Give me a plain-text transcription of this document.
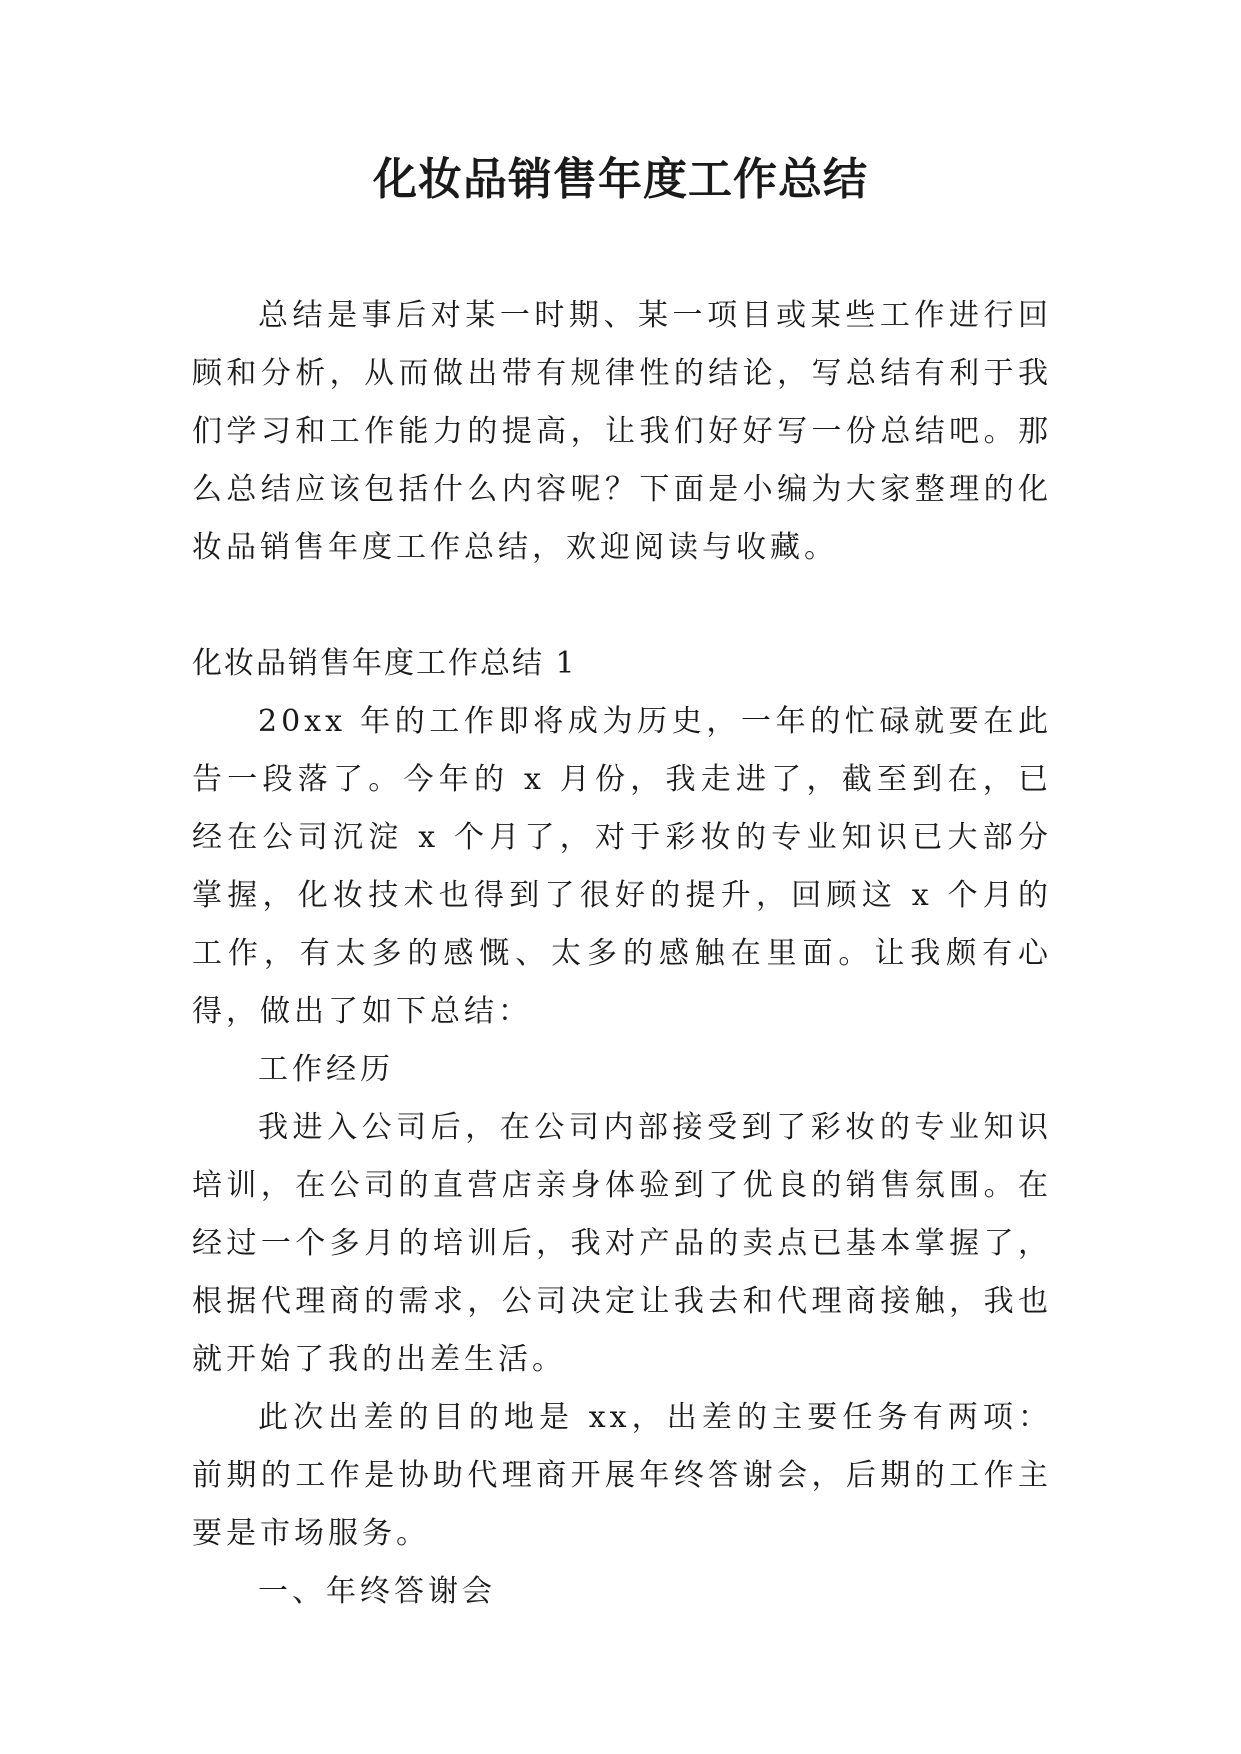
化妆品销售年度工作总结

总结是事后对某一时期、某一项目或某些工作进行回顾和分析，从而做出带有规律性的结论，写总结有利于我们学习和工作能力的提高，让我们好好写一份总结吧。那么总结应该包括什么内容呢？下面是小编为大家整理的化妆品销售年度工作总结，欢迎阅读与收藏。

化妆品销售年度工作总结 1

20xx 年的工作即将成为历史，一年的忙碌就要在此告一段落了。今年的 x 月份，我走进了，截至到在，已经在公司沉淀 x 个月了，对于彩妆的专业知识已大部分掌握，化妆技术也得到了很好的提升，回顾这 x 个月的工作，有太多的感慨、太多的感触在里面。让我颇有心得，做出了如下总结：

工作经历

我进入公司后，在公司内部接受到了彩妆的专业知识培训，在公司的直营店亲身体验到了优良的销售氛围。在经过一个多月的培训后，我对产品的卖点已基本掌握了，根据代理商的需求，公司决定让我去和代理商接触，我也就开始了我的出差生活。

此次出差的目的地是 xx，出差的主要任务有两项：前期的工作是协助代理商开展年终答谢会，后期的工作主要是市场服务。

一、年终答谢会
